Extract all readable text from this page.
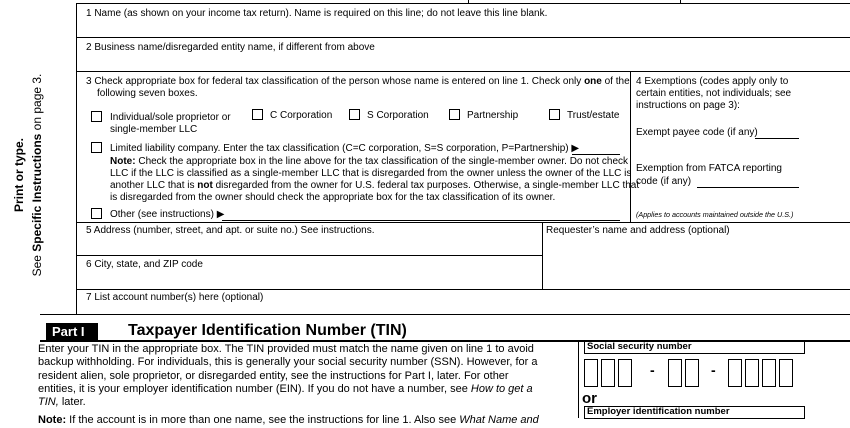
Print or type.
See Specific Instructions on page 3.
1 Name (as shown on your income tax return). Name is required on this line; do not leave this line blank.
2 Business name/disregarded entity name, if different from above
3 Check appropriate box for federal tax classification of the person whose name is entered on line 1. Check only one of the
following seven boxes.
Individual/sole proprietor or
single-member LLC
C Corporation	S Corporation	Partnership	Trust/estate
Limited liability company. Enter the tax classification (C=C corporation, S=S corporation, P=Partnership) ▶
Note: Check the appropriate box in the line above for the tax classification of the single-member owner. Do not check
LLC if the LLC is classified as a single-member LLC that is disregarded from the owner unless the owner of the LLC is
another LLC that is not disregarded from the owner for U.S. federal tax purposes. Otherwise, a single-member LLC that
is disregarded from the owner should check the appropriate box for the tax classification of its owner.
Other (see instructions) ▶
4 Exemptions (codes apply only to
certain entities, not individuals; see
instructions on page 3):
Exempt payee code (if any)
Exemption from FATCA reporting
code (if any)
(Applies to accounts maintained outside the U.S.)
5 Address (number, street, and apt. or suite no.) See instructions.	Requester’s name and address (optional)
6 City, state, and ZIP code
7 List account number(s) here (optional)
Part I	Taxpayer Identification Number (TIN)
Enter your TIN in the appropriate box. The TIN provided must match the name given on line 1 to avoid
backup withholding. For individuals, this is generally your social security number (SSN). However, for a
resident alien, sole proprietor, or disregarded entity, see the instructions for Part I, later. For other
entities, it is your employer identification number (EIN). If you do not have a number, see How to get a
TIN, later.
Note: If the account is in more than one name, see the instructions for line 1. Also see What Name and
Social security number
-	-
or
Employer identification number
